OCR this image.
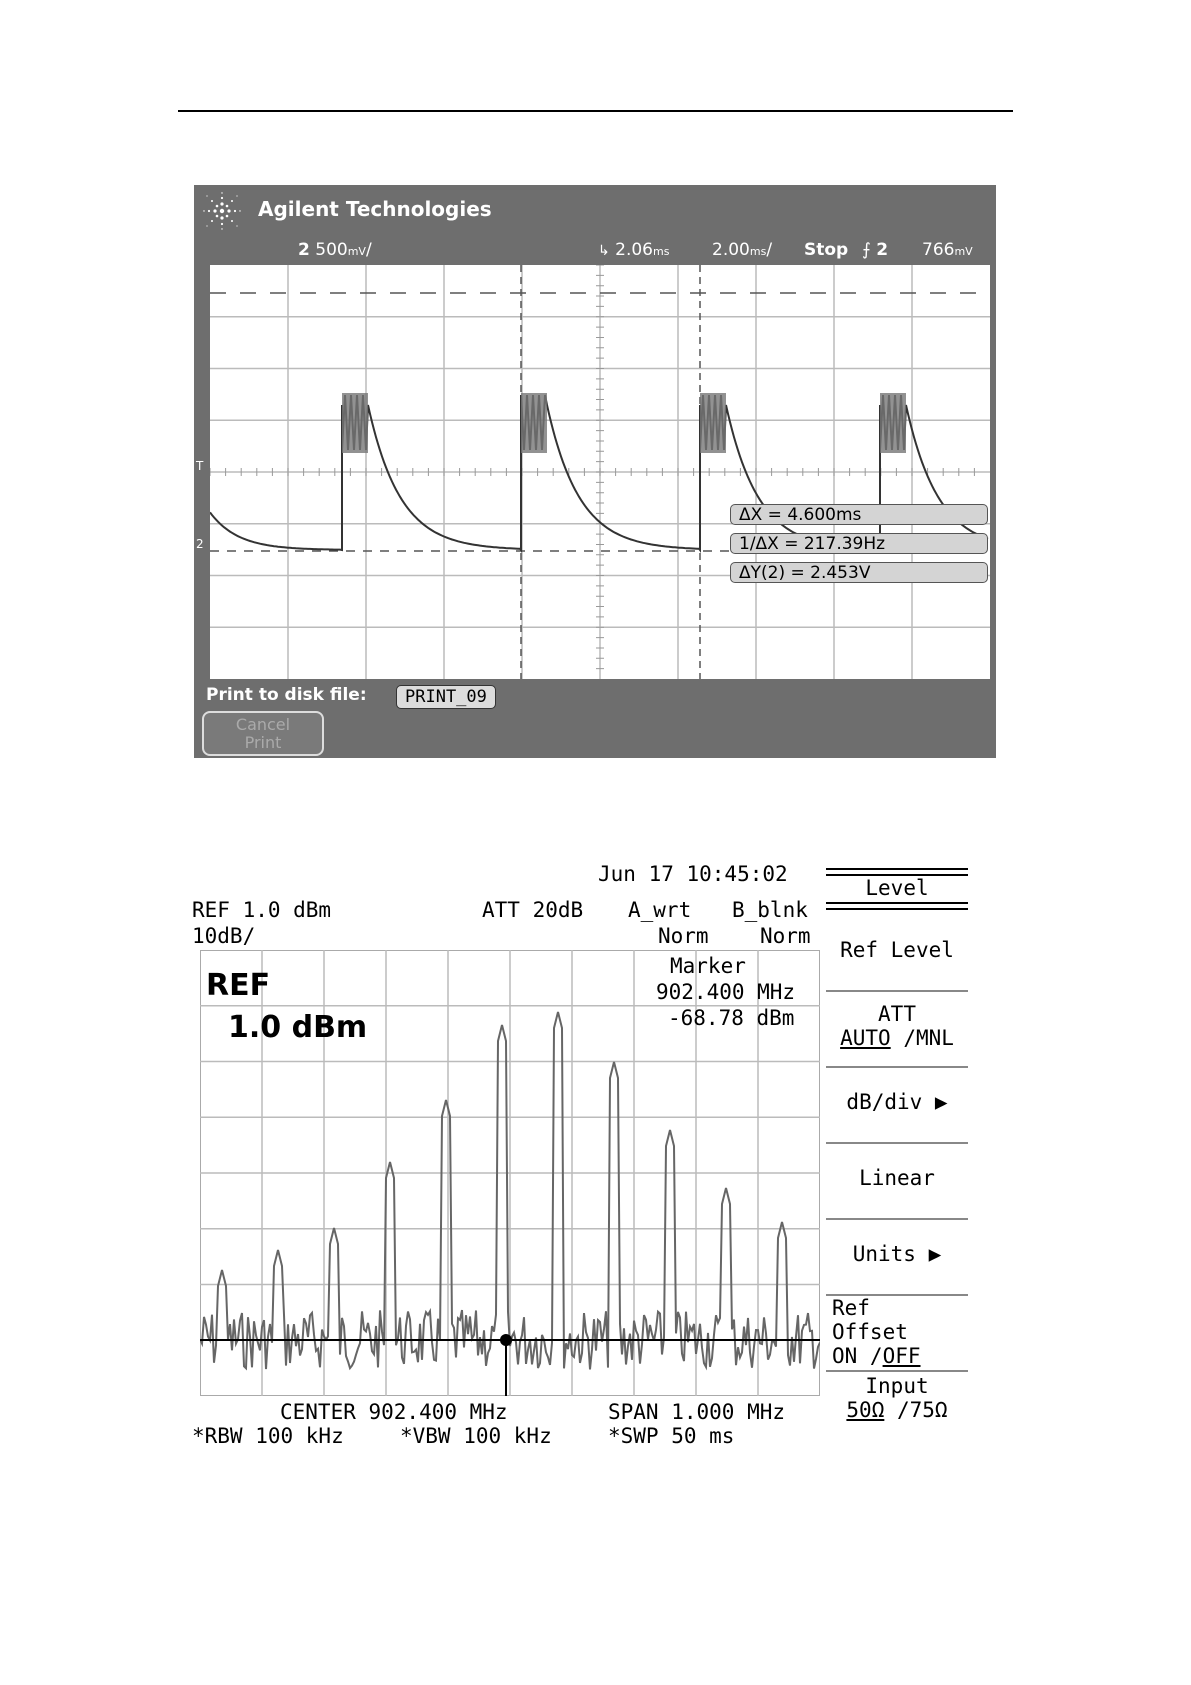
Agilent Technologies
2 500mV/	↳ 2.06ms	2.00ms/ Stop ⨍ 2 766mV
T
2
ΔX = 4.600ms
1/ΔX = 217.39Hz
ΔY(2) = 2.453V
Print to disk file:	PRINT_09
Cancel
Print
Jun 17 10:45:02
REF 1.0 dBm	ATT 20dB A_wrt B_blnk
10dB/	Norm Norm
REF
1.0 dBm
Marker
902.400 MHz
-68.78 dBm
CENTER 902.400 MHz	SPAN 1.000 MHz
*RBW 100 kHz	*VBW 100 kHz	*SWP 50 ms
Level
Ref Level
ATT
AUTO /MNL
dB/div ▶
Linear
Units ▶
Ref
Offset
ON /OFF
Input
50Ω /75Ω
